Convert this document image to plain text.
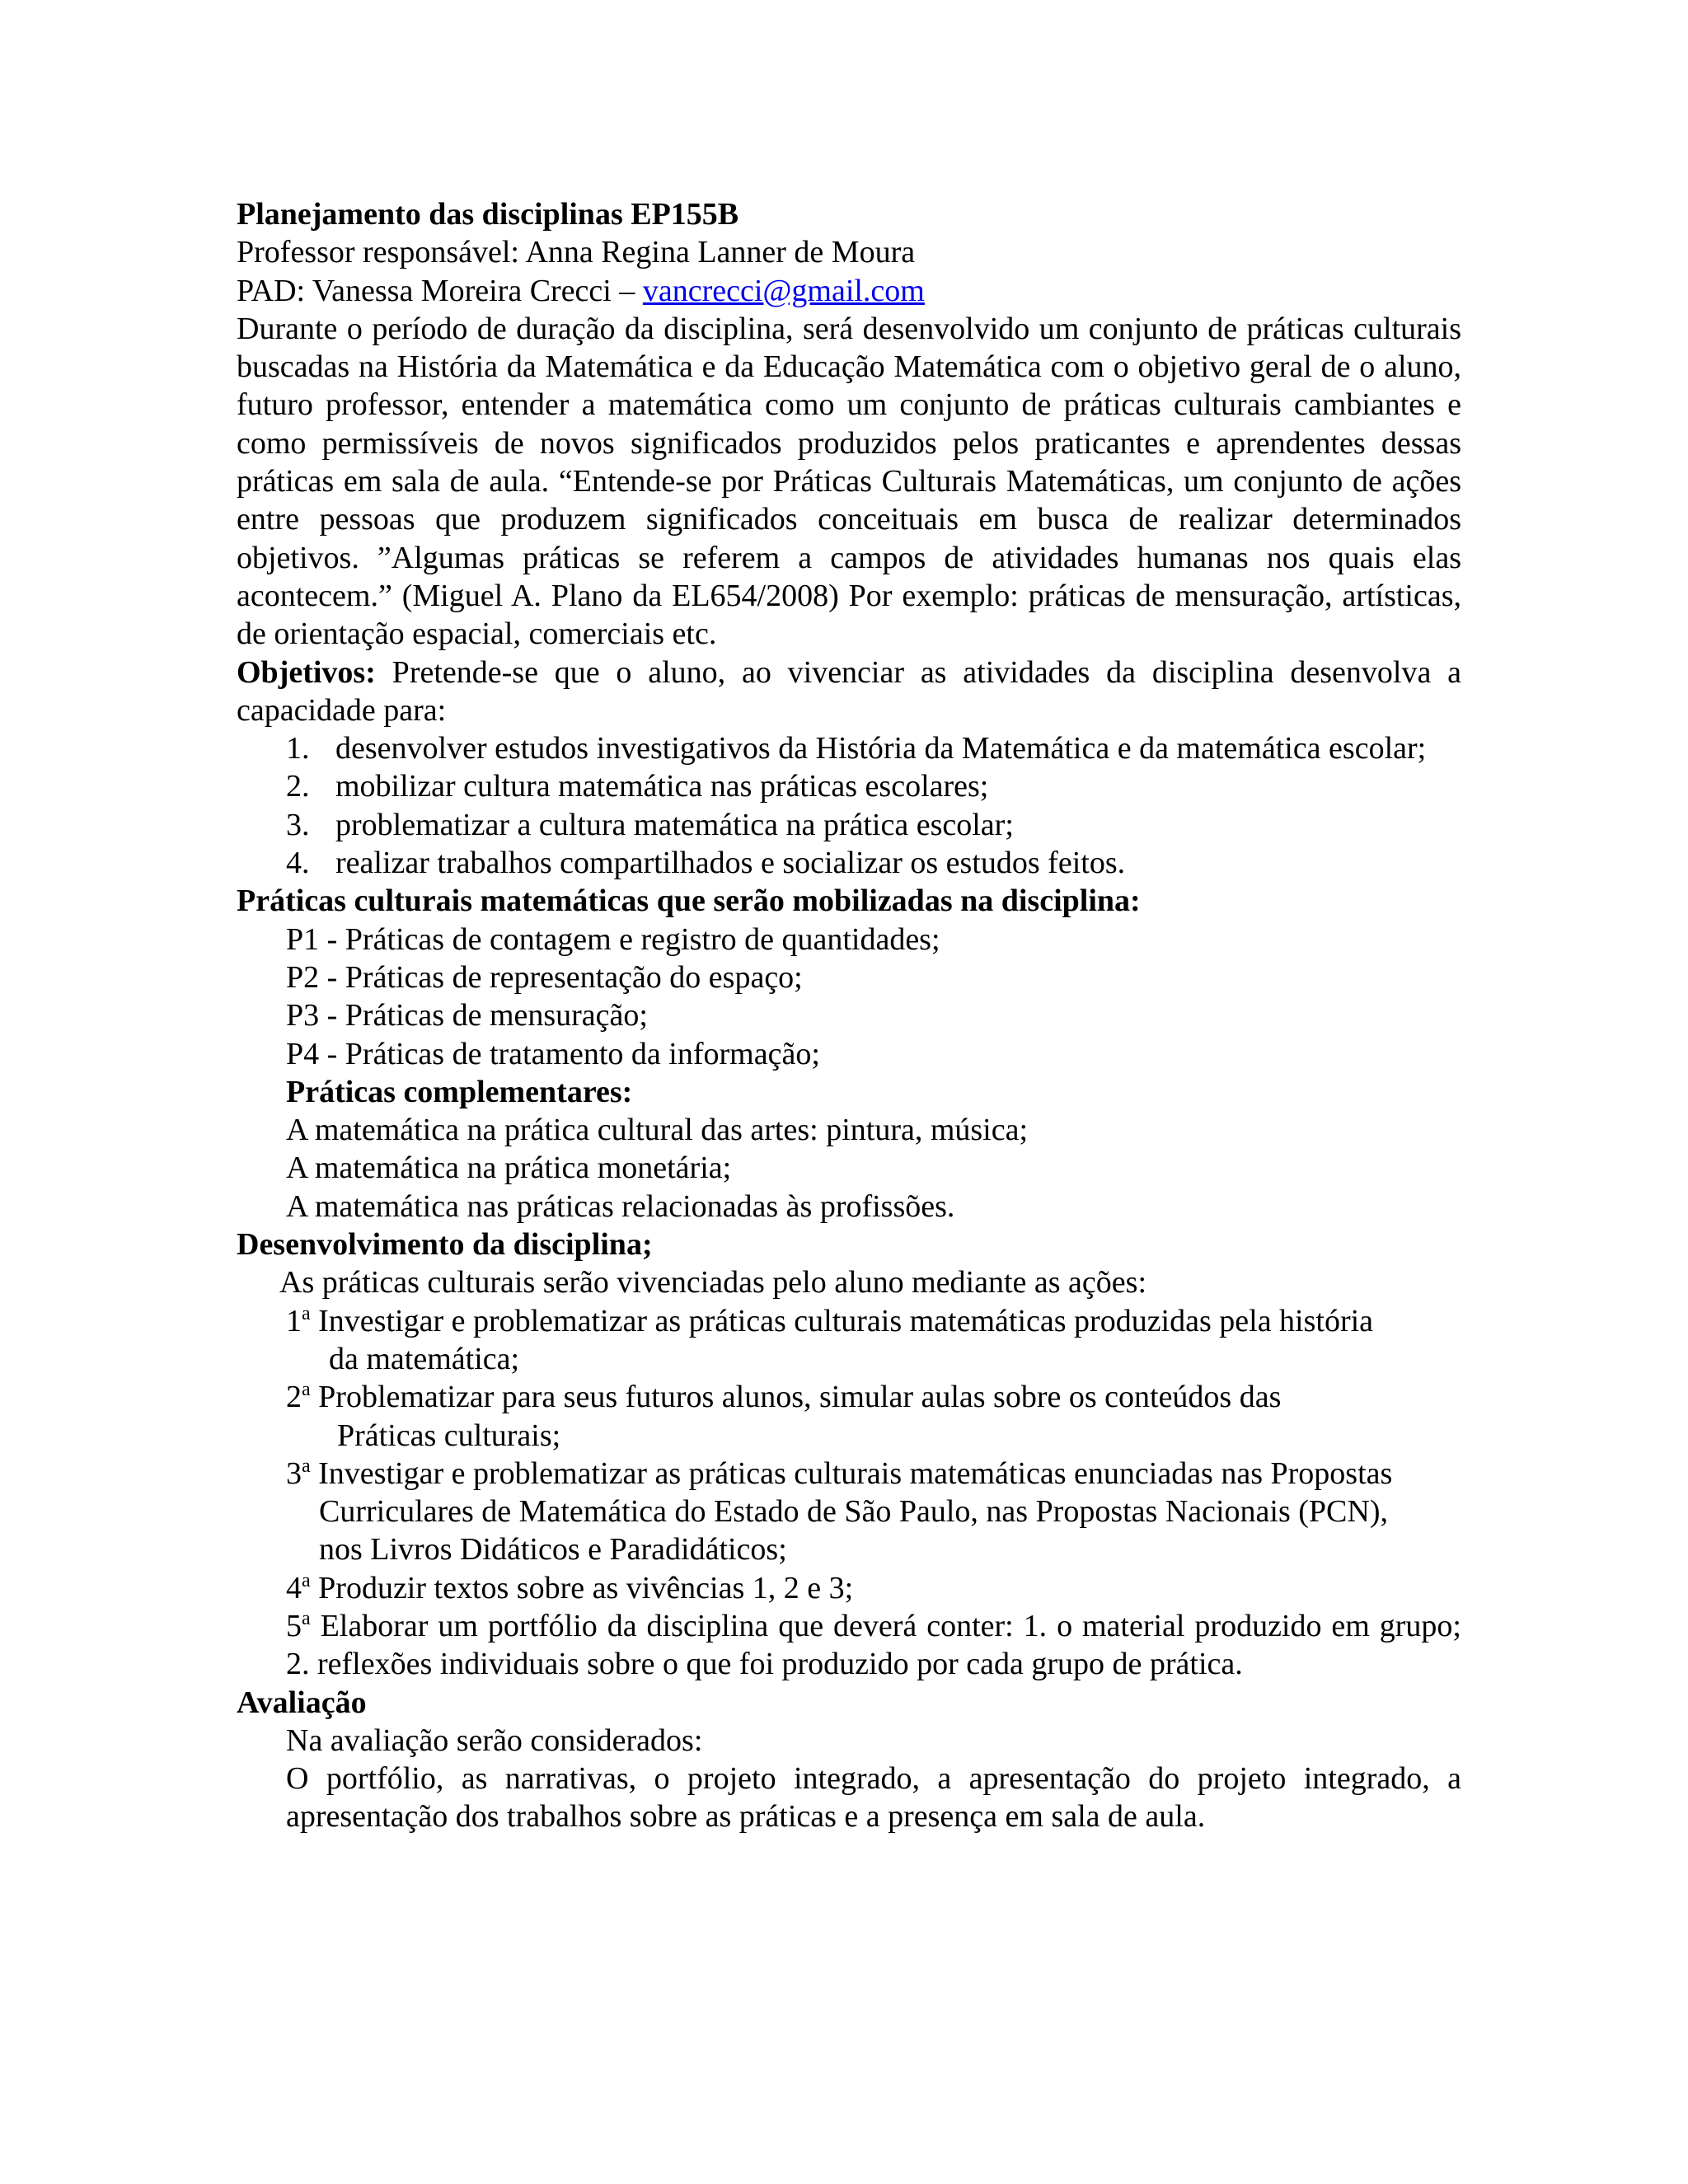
Planejamento das disciplinas EP155B
Professor responsável: Anna Regina Lanner de Moura
PAD: Vanessa Moreira Crecci – vancrecci@gmail.com
Durante o período de duração da disciplina, será desenvolvido um conjunto de práticas culturais buscadas na História da Matemática e da Educação Matemática com o objetivo geral de o aluno, futuro professor, entender a matemática como um conjunto de práticas culturais cambiantes e como permissíveis de novos significados produzidos pelos praticantes e aprendentes dessas práticas em sala de aula. “Entende-se por Práticas Culturais Matemáticas, um conjunto de ações entre pessoas que produzem significados conceituais em busca de realizar determinados objetivos. ”Algumas práticas se referem a campos de atividades humanas nos quais elas acontecem.” (Miguel A. Plano da EL654/2008) Por exemplo: práticas de mensuração, artísticas, de orientação espacial, comerciais etc.
Objetivos: Pretende-se que o aluno, ao vivenciar as atividades da disciplina desenvolva a capacidade para:
1. desenvolver estudos investigativos da História da Matemática e da matemática escolar;
2. mobilizar cultura matemática nas práticas escolares;
3. problematizar a cultura matemática na prática escolar;
4. realizar trabalhos compartilhados e socializar os estudos feitos.
Práticas culturais matemáticas que serão mobilizadas na disciplina:
P1 - Práticas de contagem e registro de quantidades;
P2 - Práticas de representação do espaço;
P3 - Práticas de mensuração;
P4 - Práticas de tratamento da informação;
Práticas complementares:
A matemática na prática cultural das artes: pintura, música;
A matemática na prática monetária;
A matemática nas práticas relacionadas às profissões.
Desenvolvimento da disciplina;
As práticas culturais serão vivenciadas pelo aluno mediante as ações:
1$^a$ Investigar e problematizar as práticas culturais matemáticas produzidas pela história
da matemática;
2$^a$ Problematizar para seus futuros alunos, simular aulas sobre os conteúdos das
Práticas culturais;
3$^a$ Investigar e problematizar as práticas culturais matemáticas enunciadas nas Propostas
Curriculares de Matemática do Estado de São Paulo, nas Propostas Nacionais (PCN), nos Livros Didáticos e Paradidáticos;
4$^a$ Produzir textos sobre as vivências 1, 2 e 3;
5$^a$ Elaborar um portfólio da disciplina que deverá conter: 1. o material produzido em grupo; 2. reflexões individuais sobre o que foi produzido por cada grupo de prática.
Avaliação
Na avaliação serão considerados:
O portfólio, as narrativas, o projeto integrado, a apresentação do projeto integrado, a apresentação dos trabalhos sobre as práticas e a presença em sala de aula.
